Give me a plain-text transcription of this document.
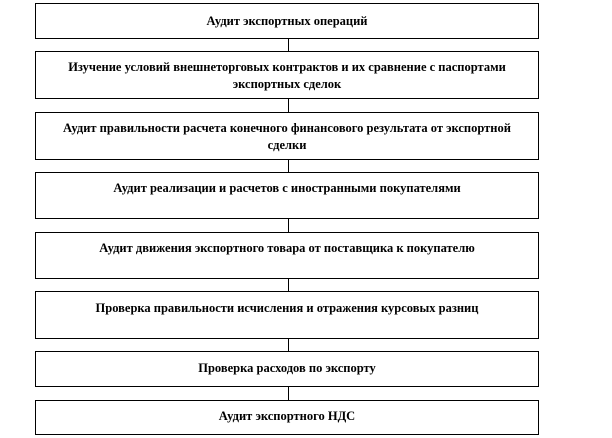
Аудит экспортных операций
Изучение условий внешнеторговых контрактов и их сравнение с паспортами экспортных сделок
Аудит правильности расчета конечного финансового результата от экспортной сделки
Аудит реализации и расчетов с иностранными покупателями
Аудит движения экспортного товара от поставщика к покупателю
Проверка правильности исчисления и отражения курсовых разниц
Проверка расходов по экспорту
Аудит экспортного НДС
